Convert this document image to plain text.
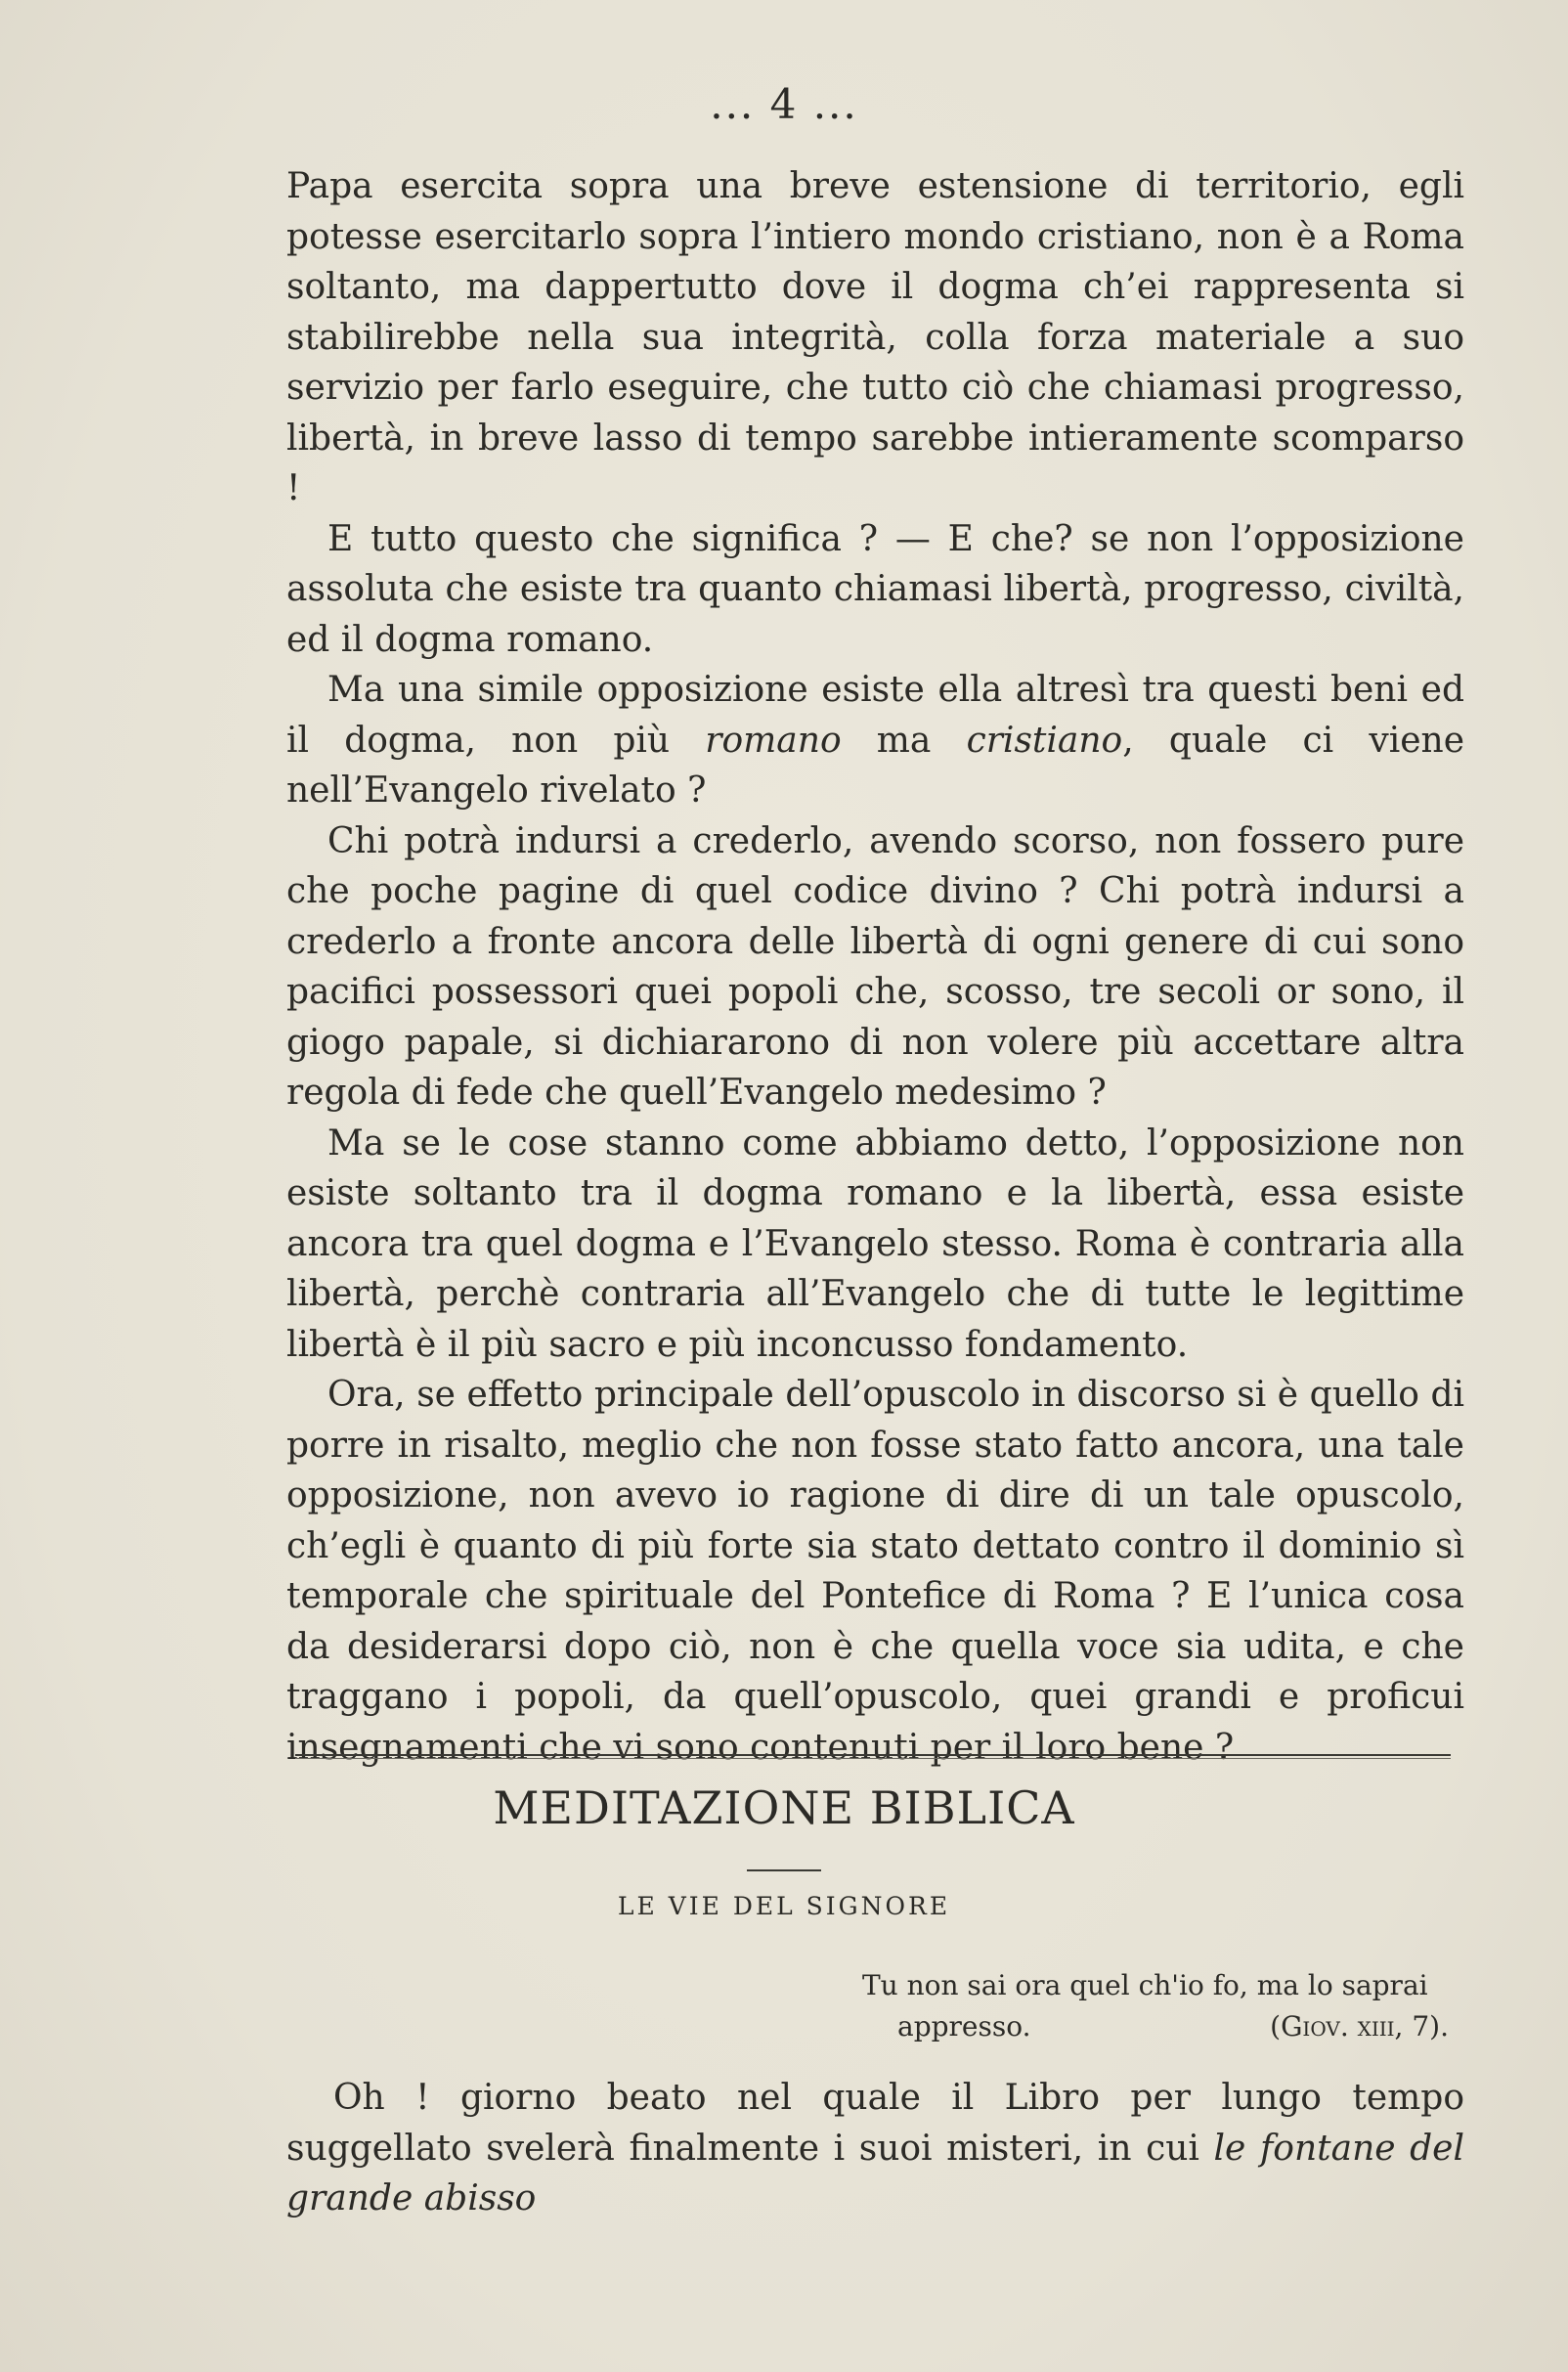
... 4 ...

Papa esercita sopra una breve estensione di territorio, egli potesse esercitarlo sopra l’intiero mondo cristiano, non è a Roma soltanto, ma dappertutto dove il dogma ch’ei rappresenta si stabilirebbe nella sua integrità, colla forza materiale a suo servizio per farlo eseguire, che tutto ciò che chiamasi progresso, libertà, in breve lasso di tempo sarebbe intieramente scomparso !

E tutto questo che significa ? — E che? se non l’opposizione assoluta che esiste tra quanto chiamasi libertà, progresso, civiltà, ed il dogma romano.

Ma una simile opposizione esiste ella altresì tra questi beni ed il dogma, non più romano ma cristiano, quale ci viene nell’Evangelo rivelato ?

Chi potrà indursi a crederlo, avendo scorso, non fossero pure che poche pagine di quel codice divino ? Chi potrà indursi a crederlo a fronte ancora delle libertà di ogni genere di cui sono pacifici possessori quei popoli che, scosso, tre secoli or sono, il giogo papale, si dichiararono di non volere più accettare altra regola di fede che quell’Evangelo medesimo ?

Ma se le cose stanno come abbiamo detto, l’opposizione non esiste soltanto tra il dogma romano e la libertà, essa esiste ancora tra quel dogma e l’Evangelo stesso. Roma è contraria alla libertà, perchè contraria all’Evangelo che di tutte le legittime libertà è il più sacro e più inconcusso fondamento.

Ora, se effetto principale dell’opuscolo in discorso si è quello di porre in risalto, meglio che non fosse stato fatto ancora, una tale opposizione, non avevo io ragione di dire di un tale opuscolo, ch’egli è quanto di più forte sia stato dettato contro il dominio sì temporale che spirituale del Pontefice di Roma ? E l’unica cosa da desiderarsi dopo ciò, non è che quella voce sia udita, e che traggano i popoli, da quell’opuscolo, quei grandi e proficui insegnamenti che vi sono contenuti per il loro bene ?

MEDITAZIONE BIBLICA
LE VIE DEL SIGNORE
Tu non sai ora quel ch'io fo, ma lo saprai
appresso.	(Giov. xiii, 7).

Oh ! giorno beato nel quale il Libro per lungo tempo suggellato svelerà finalmente i suoi misteri, in cui le fontane del grande abisso
